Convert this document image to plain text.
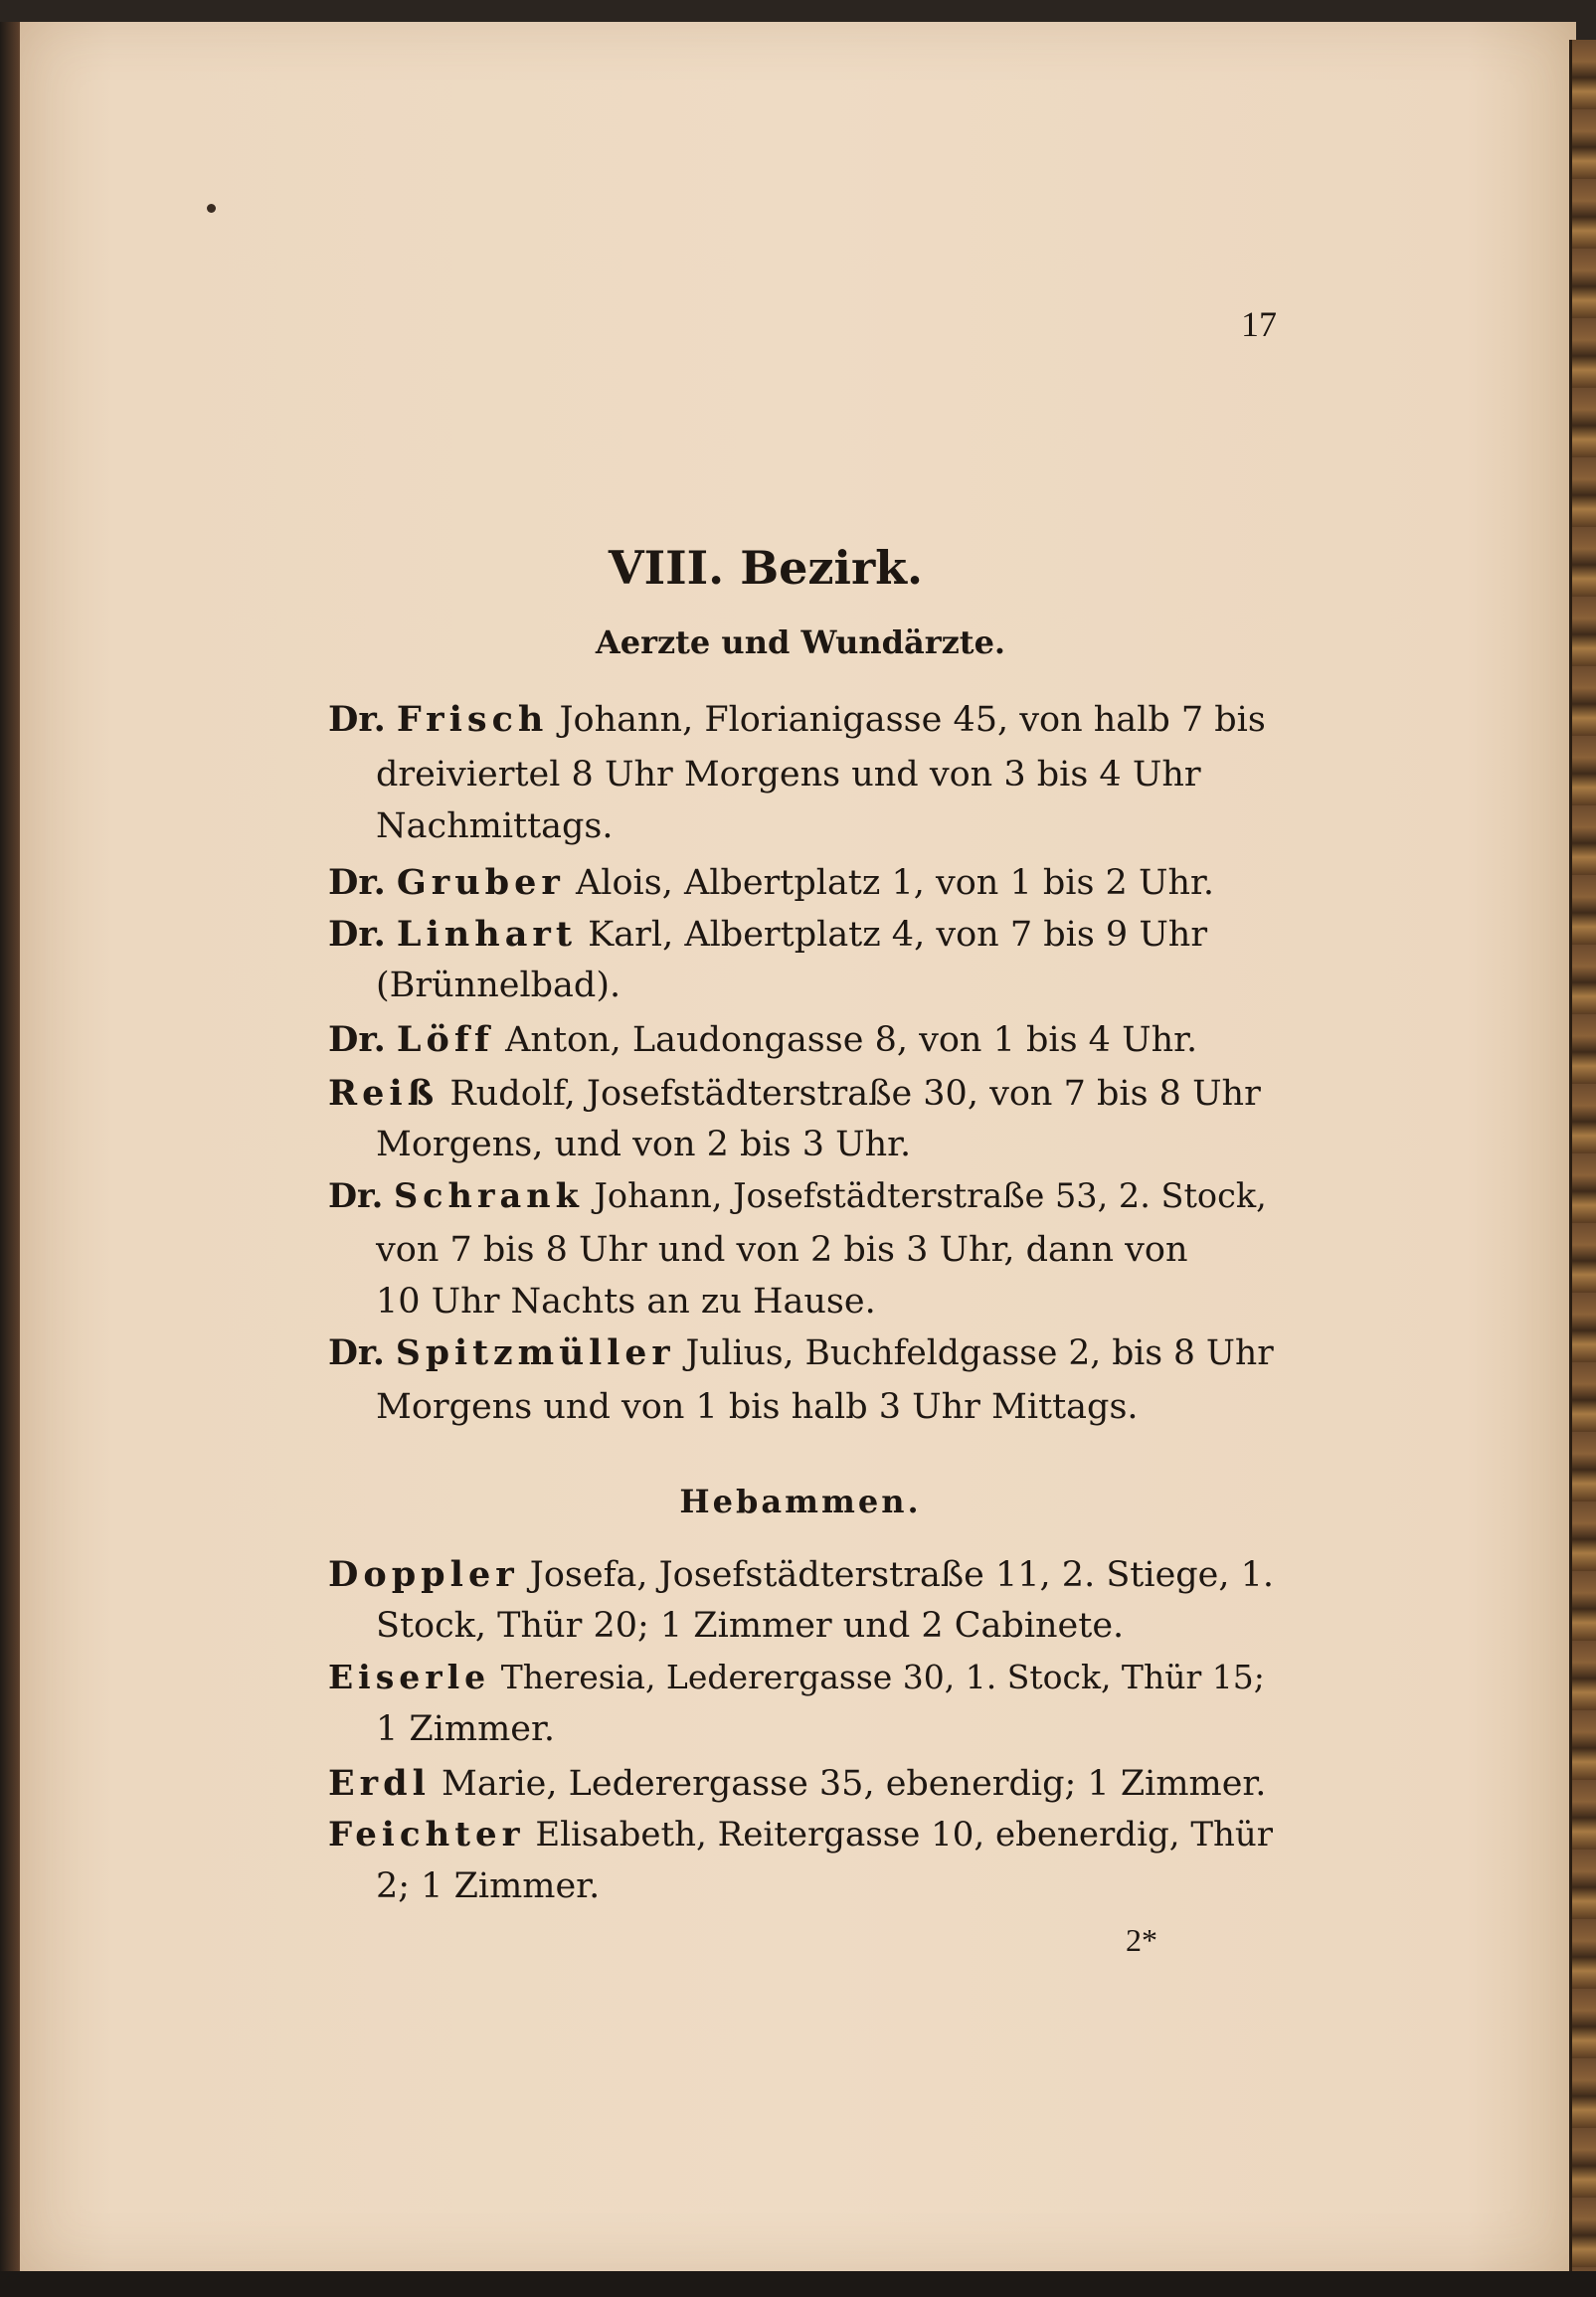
17
VIII. Bezirk.
Aerzte und Wundärzte.
Dr. Frisch Johann, Florianigasse 45, von halb 7 bis
dreiviertel 8 Uhr Morgens und von 3 bis 4 Uhr
Nachmittags.
Dr. Gruber Alois, Albertplatz 1, von 1 bis 2 Uhr.
Dr. Linhart Karl, Albertplatz 4, von 7 bis 9 Uhr
(Brünnelbad).
Dr. Löff Anton, Laudongasse 8, von 1 bis 4 Uhr.
Reiß Rudolf, Josefstädterstraße 30, von 7 bis 8 Uhr
Morgens, und von 2 bis 3 Uhr.
Dr. Schrank Johann, Josefstädterstraße 53, 2. Stock,
von 7 bis 8 Uhr und von 2 bis 3 Uhr, dann von
10 Uhr Nachts an zu Hause.
Dr. Spitzmüller Julius, Buchfeldgasse 2, bis 8 Uhr
Morgens und von 1 bis halb 3 Uhr Mittags.
Hebammen.
Doppler Josefa, Josefstädterstraße 11, 2. Stiege, 1.
Stock, Thür 20; 1 Zimmer und 2 Cabinete.
Eiserle Theresia, Lederergasse 30, 1. Stock, Thür 15;
1 Zimmer.
Erdl Marie, Lederergasse 35, ebenerdig; 1 Zimmer.
Feichter Elisabeth, Reitergasse 10, ebenerdig, Thür
2; 1 Zimmer.
2*
